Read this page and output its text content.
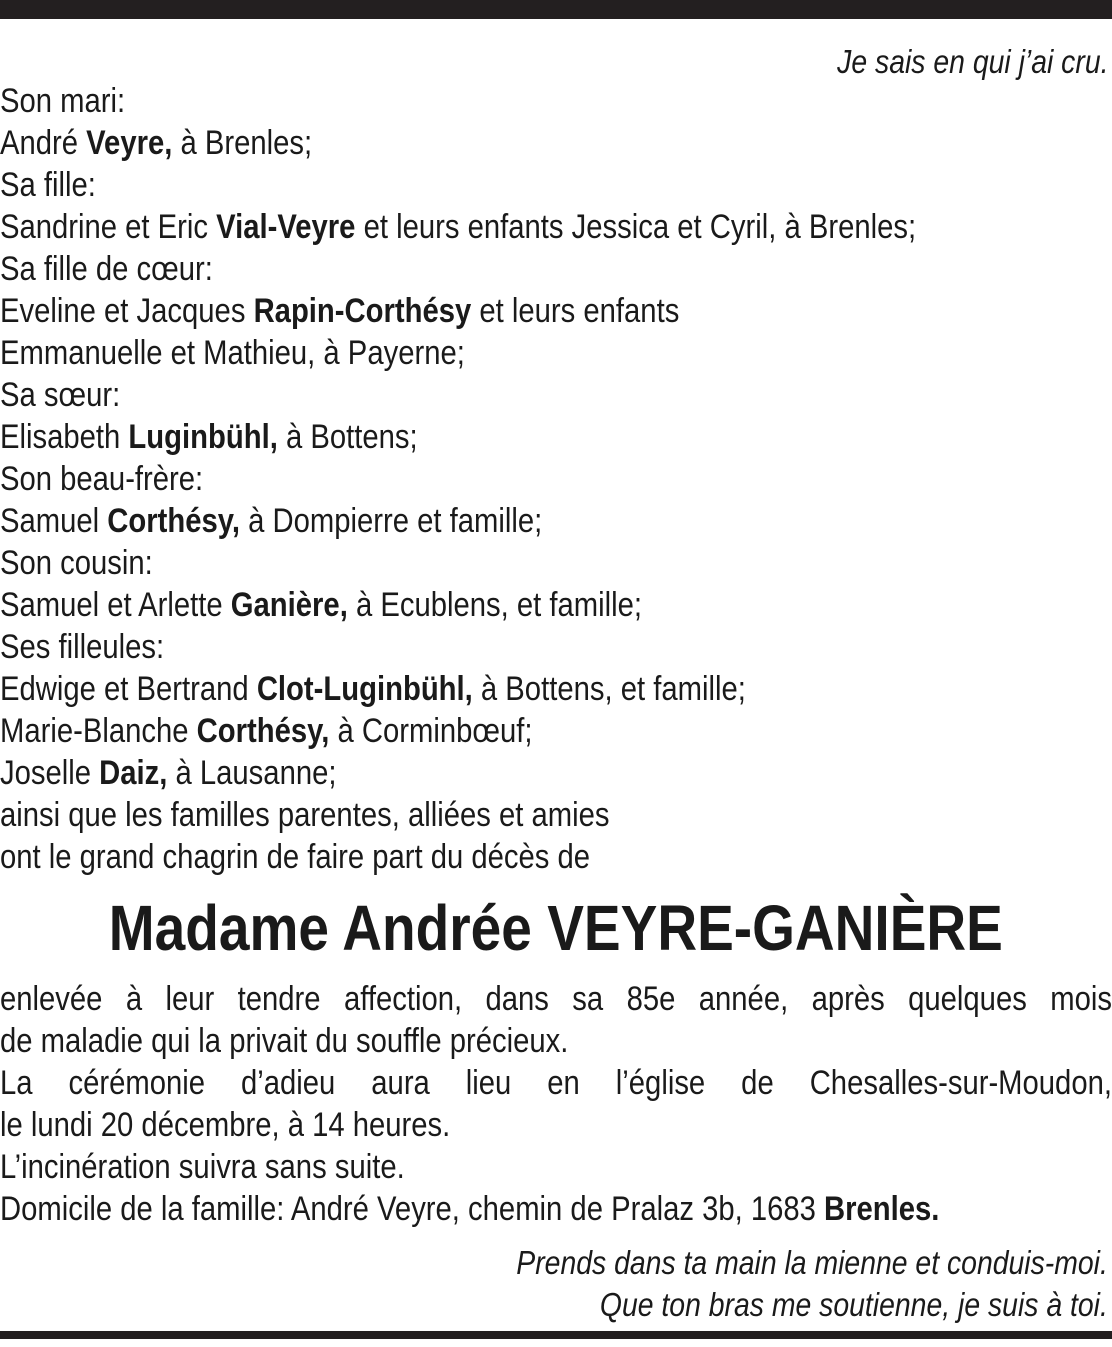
Je sais en qui j’ai cru.
Son mari:
André Veyre, à Brenles;
Sa fille:
Sandrine et Eric Vial-Veyre et leurs enfants Jessica et Cyril, à Brenles;
Sa fille de cœur:
Eveline et Jacques Rapin-Corthésy et leurs enfants
Emmanuelle et Mathieu, à Payerne;
Sa sœur:
Elisabeth Luginbühl, à Bottens;
Son beau-frère:
Samuel Corthésy, à Dompierre et famille;
Son cousin:
Samuel et Arlette Ganière, à Ecublens, et famille;
Ses filleules:
Edwige et Bertrand Clot-Luginbühl, à Bottens, et famille;
Marie-Blanche Corthésy, à Corminbœuf;
Joselle Daiz, à Lausanne;
ainsi que les familles parentes, alliées et amies
ont le grand chagrin de faire part du décès de
Madame Andrée VEYRE-GANIÈRE
enlevée à leur tendre affection, dans sa 85e année, après quelques mois
de maladie qui la privait du souffle précieux.
La cérémonie d’adieu aura lieu en l’église de Chesalles-sur-Moudon,
le lundi 20 décembre, à 14 heures.
L’incinération suivra sans suite.
Domicile de la famille: André Veyre, chemin de Pralaz 3b, 1683 Brenles.
Prends dans ta main la mienne et conduis-moi.
Que ton bras me soutienne, je suis à toi.
